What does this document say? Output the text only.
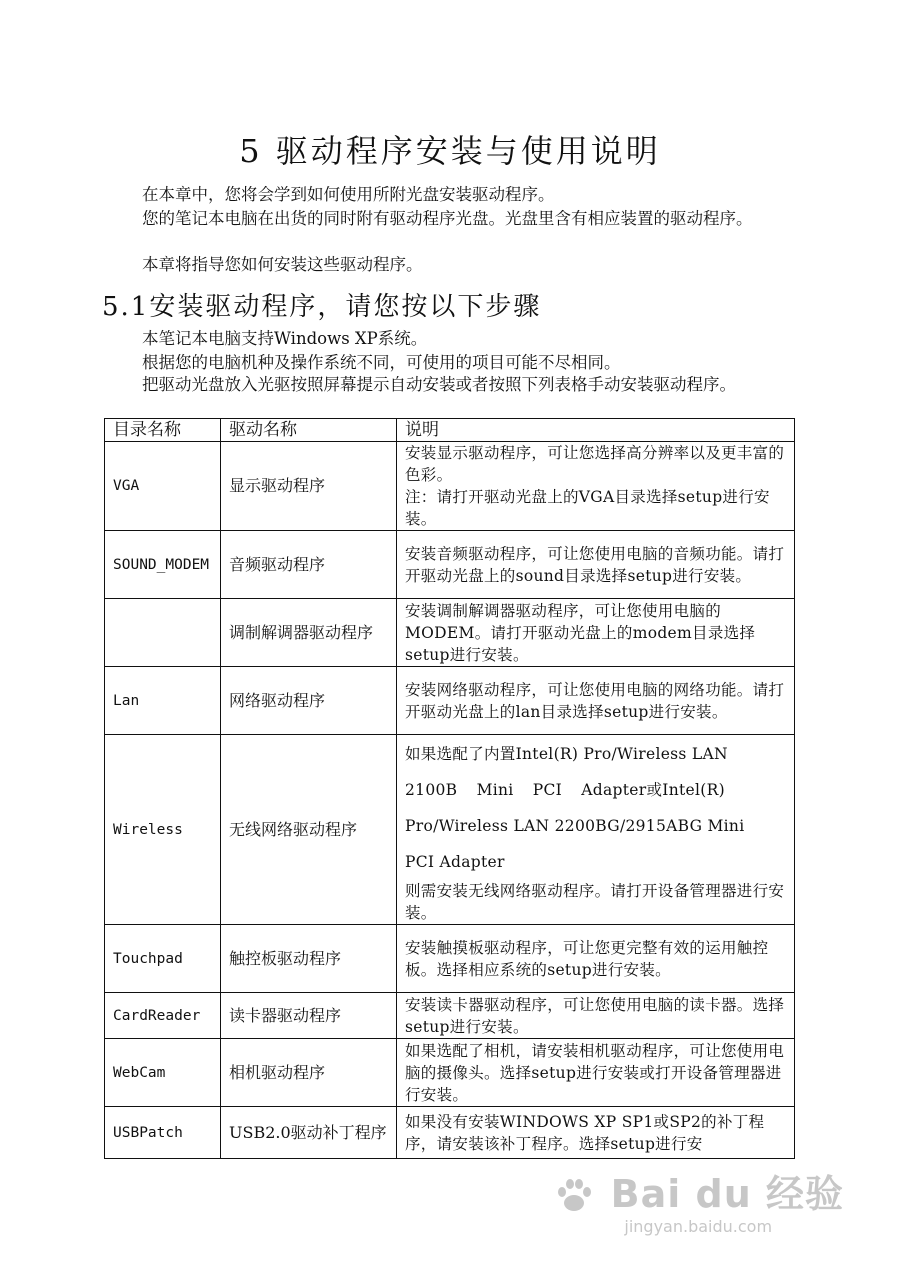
5 驱动程序安装与使用说明

在本章中，您将会学到如何使用所附光盘安装驱动程序。

您的笔记本电脑在出货的同时附有驱动程序光盘。光盘里含有相应装置的驱动程序。

本章将指导您如何安装这些驱动程序。

5.1安装驱动程序，请您按以下步骤

本笔记本电脑支持Windows XP系统。

根据您的电脑机种及操作系统不同，可使用的项目可能不尽相同。

把驱动光盘放入光驱按照屏幕提示自动安装或者按照下列表格手动安装驱动程序。

目录名称	驱动名称	说明
VGA	显示驱动程序	安装显示驱动程序，可让您选择高分辨率以及更丰富的色彩。
注：请打开驱动光盘上的VGA目录选择setup进行安装。

SOUND_MODEM	音频驱动程序	安装音频驱动程序，可让您使用电脑的音频功能。请打开驱动光盘上的sound目录选择setup进行安装。
	调制解调器驱动程序	安装调制解调器驱动程序，可让您使用电脑的MODEM。请打开驱动光盘上的modem目录选择setup进行安装。
Lan	网络驱动程序	安装网络驱动程序，可让您使用电脑的网络功能。请打开驱动光盘上的lan目录选择setup进行安装。
Wireless	无线网络驱动程序	如果选配了内置Intel(R) Pro/Wireless LAN
2100B Mini PCI Adapter或Intel(R)
Pro/Wireless LAN 2200BG/2915ABG Mini
PCI Adapter
则需安装无线网络驱动程序。请打开设备管理器进行安装。

Touchpad	触控板驱动程序	安装触摸板驱动程序，可让您更完整有效的运用触控板。选择相应系统的setup进行安装。
CardReader	读卡器驱动程序	安装读卡器驱动程序，可让您使用电脑的读卡器。选择setup进行安装。
WebCam	相机驱动程序	如果选配了相机，请安装相机驱动程序，可让您使用电脑的摄像头。选择setup进行安装或打开设备管理器进行安装。
USBPatch	USB2.0驱动补丁程序	如果没有安装WINDOWS XP SP1或SP2的补丁程序，请安装该补丁程序。选择setup进行安
Bai du 经验
jingyan.baidu.com
